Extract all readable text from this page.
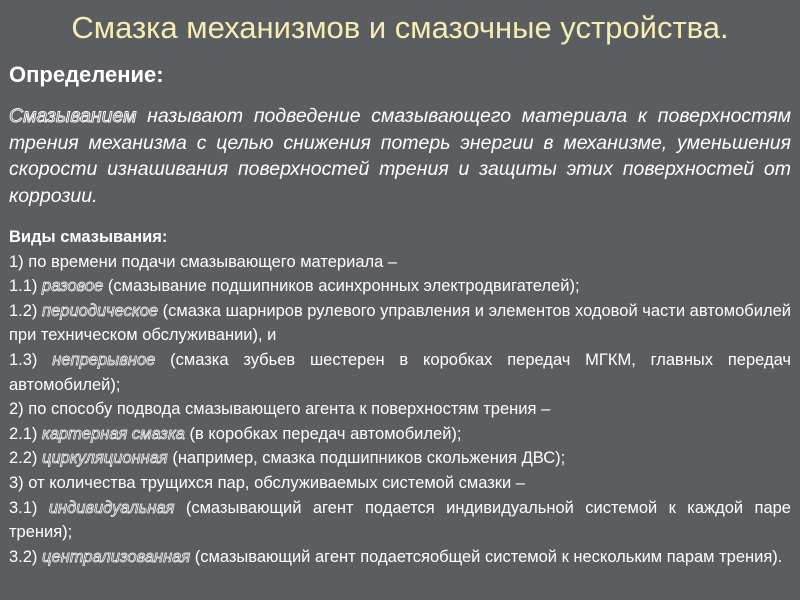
Смазка механизмов и смазочные устройства.
Определение:
Смазыванием называют подведение смазывающего материала к поверхностям трения механизма с целью снижения потерь энергии в механизме, уменьшения скорости изнашивания поверхностей трения и защиты этих поверхностей от коррозии.
Виды смазывания:
1) по времени подачи смазывающего материала –
1.1) разовое (смазывание подшипников асинхронных электродвигателей);
1.2) периодическое (смазка шарниров рулевого управления и элементов ходовой части автомобилей при техническом обслуживании), и
1.3) непрерывное (смазка зубьев шестерен в коробках передач МГКМ, главных передач автомобилей);
2) по способу подвода смазывающего агента к поверхностям трения –
2.1) картерная смазка (в коробках передач автомобилей);
2.2) циркуляционная (например, смазка подшипников скольжения ДВС);
3) от количества трущихся пар, обслуживаемых системой смазки –
3.1) индивидуальная (смазывающий агент подается индивидуальной системой к каждой паре трения);
3.2) централизованная (смазывающий агент подаетсяобщей системой к нескольким парам трения).
